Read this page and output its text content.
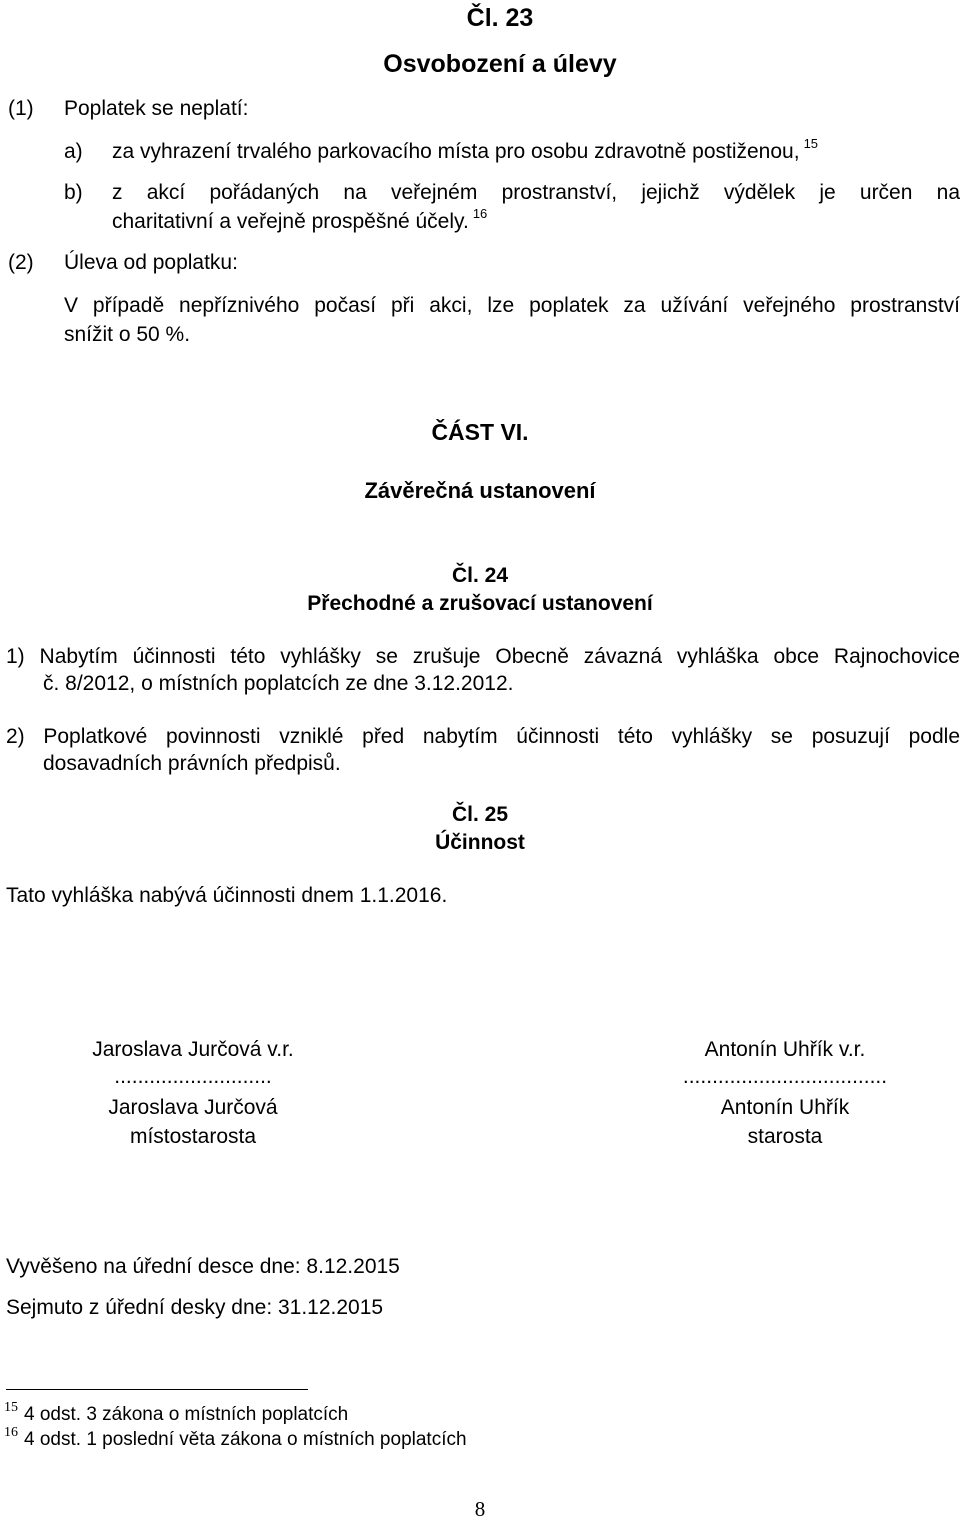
Čl. 23
Osvobození a úlevy
(1) Poplatek se neplatí:
a) za vyhrazení trvalého parkovacího místa pro osobu zdravotně postiženou, $^{15}$
b) z akcí pořádaných na veřejném prostranství, jejichž výdělek je určen na
charitativní a veřejně prospěšné účely. $^{16}$
(2) Úleva od poplatku:
V případě nepříznivého počasí při akci, lze poplatek za užívání veřejného prostranství
snížit o 50 %.
ČÁST VI.
Závěrečná ustanovení
Čl. 24
Přechodné a zrušovací ustanovení
1) Nabytím účinnosti této vyhlášky se zrušuje Obecně závazná vyhláška obce Rajnochovice
č. 8/2012, o místních poplatcích ze dne 3.12.2012.
2) Poplatkové povinnosti vzniklé před nabytím účinnosti této vyhlášky se posuzují podle
dosavadních právních předpisů.
Čl. 25
Účinnost
Tato vyhláška nabývá účinnosti dnem 1.1.2016.
Jaroslava Jurčová v.r.
...........................
Jaroslava Jurčová
místostarosta
Antonín Uhřík v.r.
...................................
Antonín Uhřík
starosta
Vyvěšeno na úřední desce dne: 8.12.2015
Sejmuto z úřední desky dne: 31.12.2015
15 4 odst. 3 zákona o místních poplatcích
16 4 odst. 1 poslední věta zákona o místních poplatcích
8
